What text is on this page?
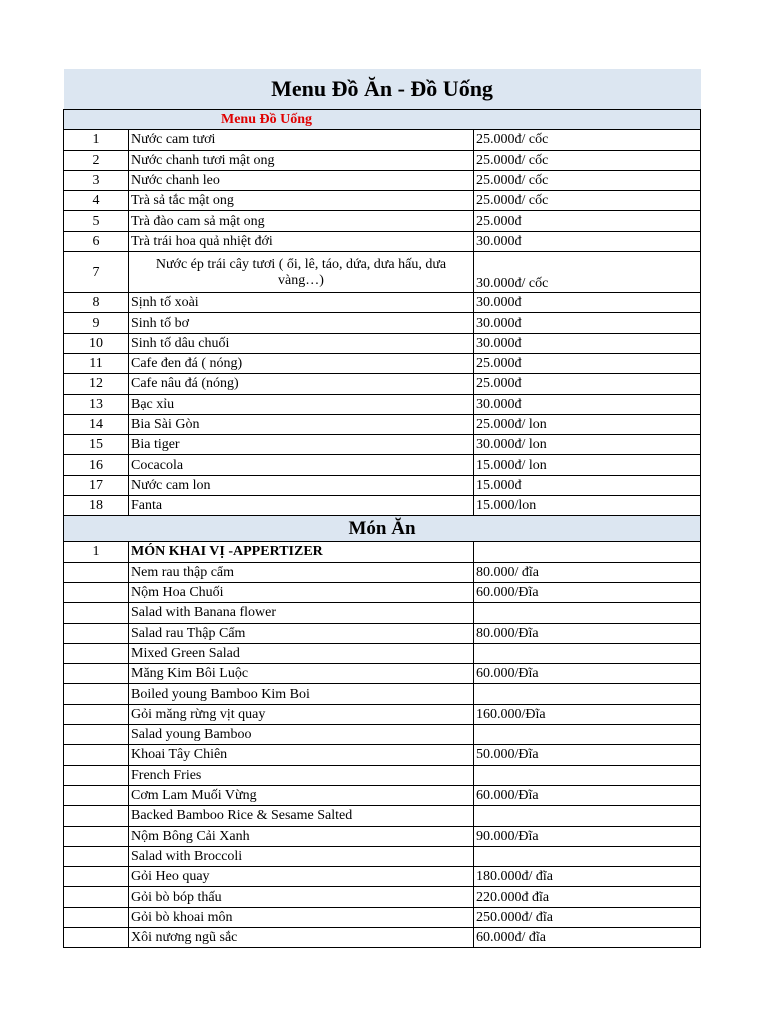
Menu Đồ Ăn - Đồ Uống		
Menu Đồ Uống		
1	Nước cam tươi	25.000đ/ cốc
2	Nước chanh tươi mật ong	25.000đ/ cốc
3	Nước chanh leo	25.000đ/ cốc
4	Trà sả tắc mật ong	25.000đ/ cốc
5	Trà đào cam sả mật ong	25.000đ
6	Trà trái hoa quả nhiệt đới	30.000đ
7	Nước ép trái cây tươi ( ổi, lê, táo, dứa, dưa hấu, dưa vàng…)	30.000đ/ cốc
8	Sịnh tố xoài	30.000đ
9	Sinh tố bơ	30.000đ
10	Sinh tố dâu chuối	30.000đ
11	Cafe đen đá ( nóng)	25.000đ
12	Cafe nâu đá (nóng)	25.000đ
13	Bạc xỉu	30.000đ
14	Bia Sài Gòn	25.000đ/ lon
15	Bia tiger	30.000đ/ lon
16	Cocacola	15.000đ/ lon
17	Nước cam lon	15.000đ
18	Fanta	15.000/lon
Món Ăn		
1	MÓN KHAI VỊ -APPERTIZER	
	Nem rau thập cẩm	80.000/ đĩa
	Nộm Hoa Chuối	60.000/Đĩa
	Salad with Banana flower	
	Salad rau Thập Cẩm	80.000/Đĩa
	Mixed Green Salad	
	Măng Kim Bôi Luộc	60.000/Đĩa
	Boiled young Bamboo Kim Boi	
	Gỏi măng rừng vịt quay	160.000/Đĩa
	Salad young Bamboo	
	Khoai Tây Chiên	50.000/Đĩa
	French Fries	
	Cơm Lam Muối Vừng	60.000/Đĩa
	Backed Bamboo Rice & Sesame Salted	
	Nộm Bông Cải Xanh	90.000/Đĩa
	Salad with Broccoli	
	Gỏi Heo quay	180.000đ/ đĩa
	Gỏi bò bóp thấu	220.000đ đĩa
	Gỏi bò khoai môn	250.000đ/ đĩa
	Xôi nương ngũ sắc	60.000đ/ đĩa
